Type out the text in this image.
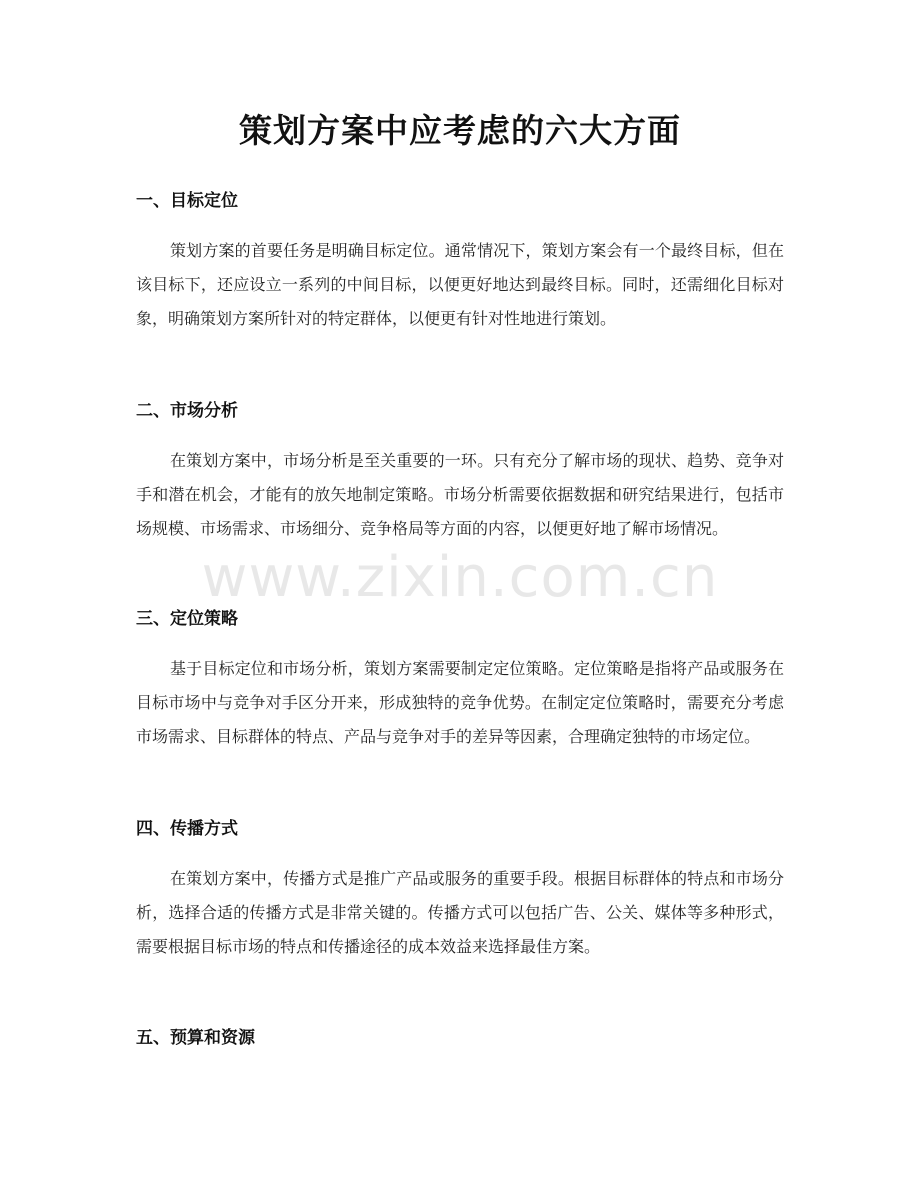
策划方案中应考虑的六大方面
一、目标定位

策划方案的首要任务是明确目标定位。通常情况下，策划方案会有一个最终目标，但在该目标下，还应设立一系列的中间目标，以便更好地达到最终目标。同时，还需细化目标对象，明确策划方案所针对的特定群体，以便更有针对性地进行策划。

二、市场分析

在策划方案中，市场分析是至关重要的一环。只有充分了解市场的现状、趋势、竞争对手和潜在机会，才能有的放矢地制定策略。市场分析需要依据数据和研究结果进行，包括市场规模、市场需求、市场细分、竞争格局等方面的内容，以便更好地了解市场情况。

三、定位策略

基于目标定位和市场分析，策划方案需要制定定位策略。定位策略是指将产品或服务在目标市场中与竞争对手区分开来，形成独特的竞争优势。在制定定位策略时，需要充分考虑市场需求、目标群体的特点、产品与竞争对手的差异等因素，合理确定独特的市场定位。

四、传播方式

在策划方案中，传播方式是推广产品或服务的重要手段。根据目标群体的特点和市场分析，选择合适的传播方式是非常关键的。传播方式可以包括广告、公关、媒体等多种形式，需要根据目标市场的特点和传播途径的成本效益来选择最佳方案。

五、预算和资源
www.zixin.com.cn
